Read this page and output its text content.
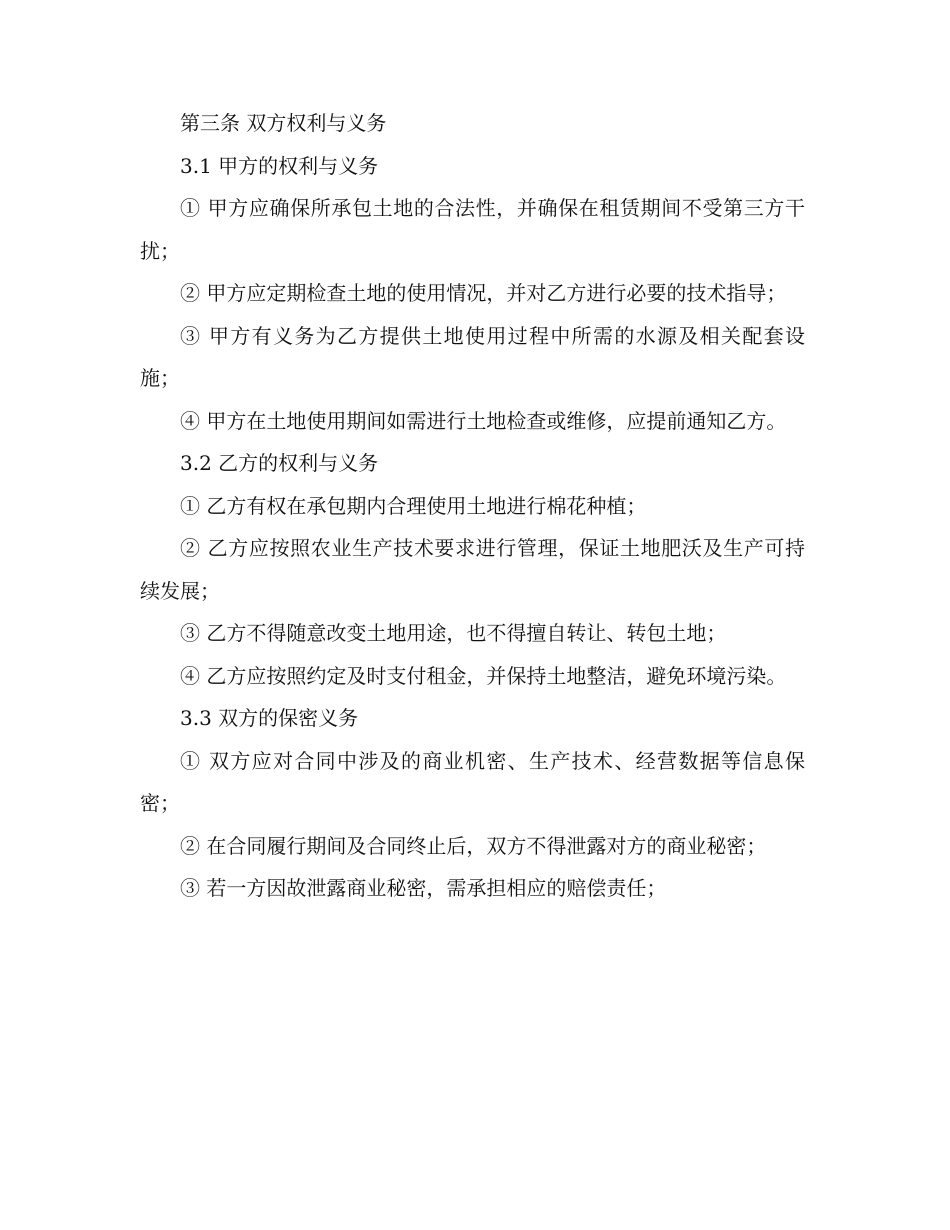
第三条 双方权利与义务

3.1 甲方的权利与义务

① 甲方应确保所承包土地的合法性，并确保在租赁期间不受第三方干扰；

② 甲方应定期检查土地的使用情况，并对乙方进行必要的技术指导；

③ 甲方有义务为乙方提供土地使用过程中所需的水源及相关配套设施；

④ 甲方在土地使用期间如需进行土地检查或维修，应提前通知乙方。

3.2 乙方的权利与义务

① 乙方有权在承包期内合理使用土地进行棉花种植；

② 乙方应按照农业生产技术要求进行管理，保证土地肥沃及生产可持续发展；

③ 乙方不得随意改变土地用途，也不得擅自转让、转包土地；

④ 乙方应按照约定及时支付租金，并保持土地整洁，避免环境污染。

3.3 双方的保密义务

① 双方应对合同中涉及的商业机密、生产技术、经营数据等信息保密；

② 在合同履行期间及合同终止后，双方不得泄露对方的商业秘密；

③ 若一方因故泄露商业秘密，需承担相应的赔偿责任；
